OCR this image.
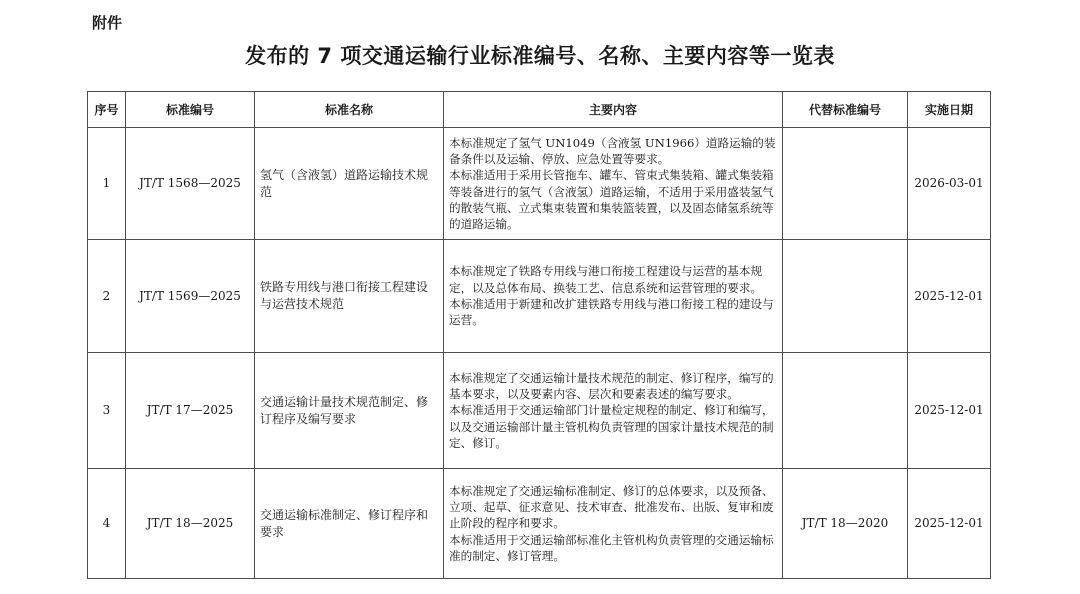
附件
发布的 7 项交通运输行业标准编号、名称、主要内容等一览表
序号	标准编号	标准名称	主要内容	代替标准编号	实施日期
1	JT/T 1568—2025	氢气（含液氢）道路运输技术规范	本标准规定了氢气 UN1049（含液氢 UN1966）道路运输的装备条件以及运输、停放、应急处置等要求。
本标准适用于采用长管拖车、罐车、管束式集装箱、罐式集装箱等装备进行的氢气（含液氢）道路运输，不适用于采用盛装氢气的散装气瓶、立式集束装置和集装篮装置，以及固态储氢系统等的道路运输。		2026-03-01
2	JT/T 1569—2025	铁路专用线与港口衔接工程建设与运营技术规范	本标准规定了铁路专用线与港口衔接工程建设与运营的基本规定，以及总体布局、换装工艺、信息系统和运营管理的要求。
本标准适用于新建和改扩建铁路专用线与港口衔接工程的建设与运营。		2025-12-01
3	JT/T 17—2025	交通运输计量技术规范制定、修订程序及编写要求	本标准规定了交通运输计量技术规范的制定、修订程序，编写的基本要求，以及要素内容、层次和要素表述的编写要求。
本标准适用于交通运输部门计量检定规程的制定、修订和编写，以及交通运输部计量主管机构负责管理的国家计量技术规范的制定、修订。		2025-12-01
4	JT/T 18—2025	交通运输标准制定、修订程序和要求	本标准规定了交通运输标准制定、修订的总体要求，以及预备、立项、起草、征求意见、技术审查、批准发布、出版、复审和废止阶段的程序和要求。
本标准适用于交通运输部标准化主管机构负责管理的交通运输标准的制定、修订管理。	JT/T 18—2020	2025-12-01
